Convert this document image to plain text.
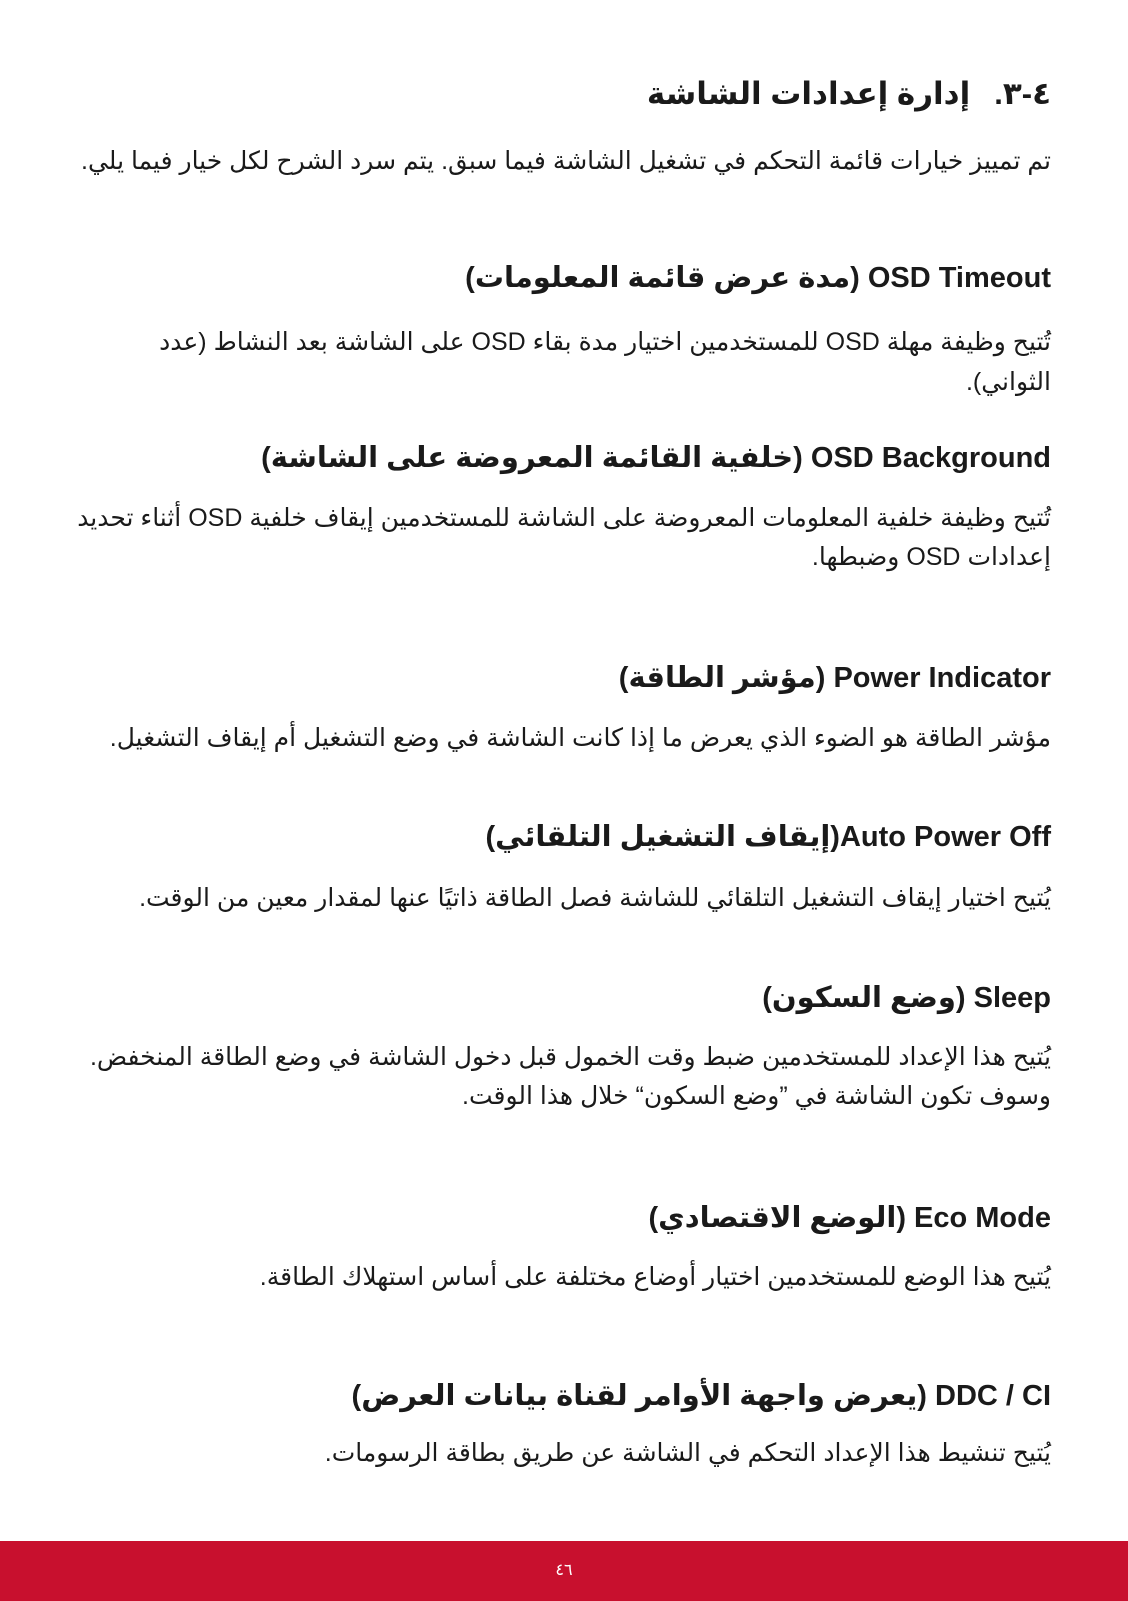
٤-٣.إدارة إعدادات الشاشة

تم تمييز خيارات قائمة التحكم في تشغيل الشاشة فيما سبق. يتم سرد الشرح لكل خيار فيما يلي.

OSD Timeout (مدة عرض قائمة المعلومات)

تُتيح وظيفة مهلة OSD للمستخدمين اختيار مدة بقاء OSD على الشاشة بعد النشاط (عدد الثواني).

OSD Background (خلفية القائمة المعروضة على الشاشة)

تُتيح وظيفة خلفية المعلومات المعروضة على الشاشة للمستخدمين إيقاف خلفية OSD أثناء تحديد

إعدادات OSD وضبطها.

Power Indicator (مؤشر الطاقة)

مؤشر الطاقة هو الضوء الذي يعرض ما إذا كانت الشاشة في وضع التشغيل أم إيقاف التشغيل.

Auto Power Off(إيقاف التشغيل التلقائي)

يُتيح اختيار إيقاف التشغيل التلقائي للشاشة فصل الطاقة ذاتيًا عنها لمقدار معين من الوقت.

Sleep (وضع السكون)

يُتيح هذا الإعداد للمستخدمين ضبط وقت الخمول قبل دخول الشاشة في وضع الطاقة المنخفض.

وسوف تكون الشاشة في ”وضع السكون“ خلال هذا الوقت.

Eco Mode (الوضع الاقتصادي)

يُتيح هذا الوضع للمستخدمين اختيار أوضاع مختلفة على أساس استهلاك الطاقة.

DDC / CI (يعرض واجهة الأوامر لقناة بيانات العرض)

يُتيح تنشيط هذا الإعداد التحكم في الشاشة عن طريق بطاقة الرسومات.

٤٦
